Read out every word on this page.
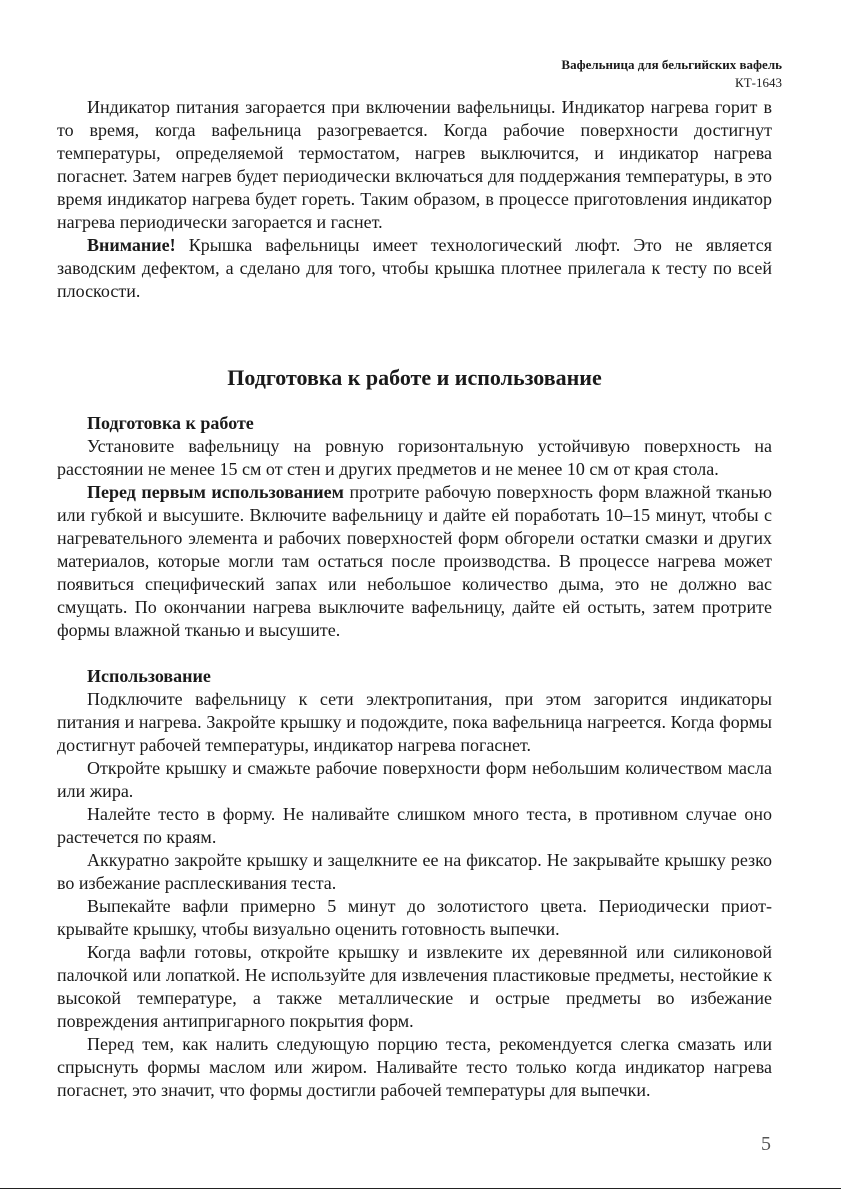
Вафельница для бельгийских вафель
КТ-1643

Индикатор питания загорается при включении вафельницы. Индикатор нагрева горит в то время, когда вафельница разогревается. Когда рабочие поверхности достигнут температуры, определяемой термостатом, нагрев выключится, и индикатор нагрева погаснет. Затем нагрев будет периодически включаться для поддержания температуры, в это время индикатор нагрева будет гореть. Таким образом, в процессе приготовления индикатор нагрева периодически загорается и гаснет.

Внимание! Крышка вафельницы имеет технологический люфт. Это не является заводским дефектом, а сделано для того, чтобы крышка плотнее прилегала к тесту по всей плоскости.

Подготовка к работе и использование
Подготовка к работе

Установите вафельницу на ровную горизонтальную устойчивую поверхность на расстоянии не менее 15 см от стен и других предметов и не менее 10 см от края стола.

Перед первым использованием протрите рабочую поверхность форм влажной тканью или губкой и высушите. Включите вафельницу и дайте ей поработать 10–15 минут, чтобы с нагревательного элемента и рабочих поверхностей форм обгорели остатки смазки и других материалов, которые могли там остаться после производства. В процессе нагрева может появиться специфический запах или небольшое количество дыма, это не должно вас смущать. По окончании нагрева выключите вафельницу, дайте ей остыть, затем протрите формы влажной тканью и высушите.

Использование

Подключите вафельницу к сети электропитания, при этом загорится индикаторы питания и нагрева. Закройте крышку и подождите, пока вафельница нагреется. Когда формы достигнут рабочей температуры, индикатор нагрева погаснет.

Откройте крышку и смажьте рабочие поверхности форм небольшим количеством масла или жира.

Налейте тесто в форму. Не наливайте слишком много теста, в противном случае оно растечется по краям.

Аккуратно закройте крышку и защелкните ее на фиксатор. Не закрывайте крышку резко во избежание расплескивания теста.

Выпекайте вафли примерно 5 минут до золотистого цвета. Периодически приоткрывайте крышку, чтобы визуально оценить готовность выпечки.

Когда вафли готовы, откройте крышку и извлеките их деревянной или силиконовой палочкой или лопаткой. Не используйте для извлечения пластиковые предметы, нестойкие к высокой температуре, а также металлические и острые предметы во избежание повреждения антипригарного покрытия форм.

Перед тем, как налить следующую порцию теста, рекомендуется слегка смазать или спрыснуть формы маслом или жиром. Наливайте тесто только когда индикатор нагрева погаснет, это значит, что формы достигли рабочей температуры для выпечки.

5
